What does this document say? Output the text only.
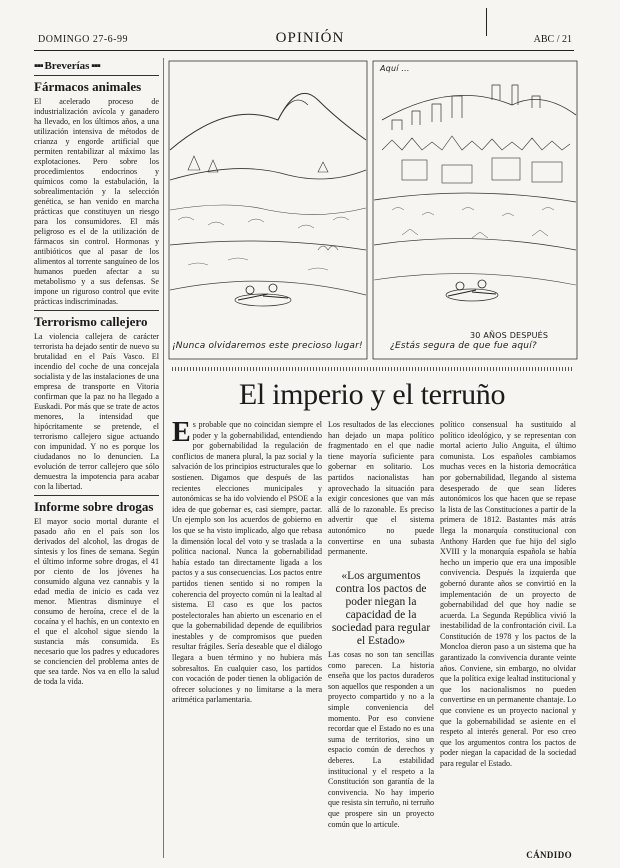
DOMINGO 27-6-99	OPINIÓN	ABC / 21
▪▪▪ Breverías ▪▪▪
Fármacos animales

El acelerado proceso de industrialización avícola y ganadero ha llevado, en los últimos años, a una utilización intensiva de métodos de crianza y engorde artificial que permiten rentabilizar al máximo las explotaciones. Pero sobre los procedimientos endocrinos y químicos como la estabulación, la sobrealimentación y la selección genética, se han venido en marcha prácticas que constituyen un riesgo para los consumidores. El más peligroso es el de la utilización de fármacos sin control. Hormonas y antibióticos que al pasar de los alimentos al torrente sanguíneo de los humanos pueden afectar a su metabolismo y a sus defensas. Se impone un riguroso control que evite prácticas indiscriminadas.

Terrorismo callejero

La violencia callejera de carácter terrorista ha dejado sentir de nuevo su brutalidad en el País Vasco. El incendio del coche de una concejala socialista y de las instalaciones de una empresa de transporte en Vitoria confirman que la paz no ha llegado a Euskadi. Por más que se trate de actos menores, la intensidad que hipócritamente se pretende, el terrorismo callejero sigue actuando con impunidad. Y no es porque los ciudadanos no lo denuncien. La evolución de terror callejero que sólo demuestra la impotencia para acabar con la libertad.

Informe sobre drogas

El mayor socio mortal durante el pasado año en el país son los derivados del alcohol, las drogas de síntesis y los fines de semana. Según el último informe sobre drogas, el 41 por ciento de los jóvenes ha consumido alguna vez cannabis y la edad media de inicio es cada vez menor. Mientras disminuye el consumo de heroína, crece el de la cocaína y el hachís, en un contexto en el que el alcohol sigue siendo la sustancia más consumida. Es necesario que los padres y educadores se conciencien del problema antes de que sea tarde. Nos va en ello la salud de toda la vida.

¡Nunca olvidaremos este precioso lugar!
Aquí ...
30 AÑOS DESPUÉS
¿Estás segura de que fue aquí?
El imperio y el terruño

Es probable que no coincidan siempre el poder y la gobernabilidad, entendiendo por gobernabilidad la regulación de conflictos de manera plural, la paz social y la salvación de los principios estructurales que lo sostienen. Digamos que después de las recientes elecciones municipales y autonómicas se ha ido volviendo el PSOE a la idea de que gobernar es, casi siempre, pactar. Un ejemplo son los acuerdos de gobierno en los que se ha visto implicado, algo que rebasa la dimensión local del voto y se traslada a la política nacional. Nunca la gobernabilidad había estado tan directamente ligada a los pactos y a sus consecuencias. Los pactos entre partidos tienen sentido si no rompen la coherencia del proyecto común ni la lealtad al sistema. El caso es que los pactos postelectorales han abierto un escenario en el que la gobernabilidad depende de equilibrios inestables y de compromisos que pueden resultar frágiles. Sería deseable que el diálogo llegara a buen término y no hubiera más sobresaltos. En cualquier caso, los partidos con vocación de poder tienen la obligación de ofrecer soluciones y no limitarse a la mera aritmética parlamentaria.

Los resultados de las elecciones han dejado un mapa político fragmentado en el que nadie tiene mayoría suficiente para gobernar en solitario. Los partidos nacionalistas han aprovechado la situación para exigir concesiones que van más allá de lo razonable. Es preciso advertir que el sistema autonómico no puede convertirse en una subasta permanente.

«Los argumentos contra los pactos de poder niegan la capacidad de la sociedad para regular el Estado»

Las cosas no son tan sencillas como parecen. La historia enseña que los pactos duraderos son aquellos que responden a un proyecto compartido y no a la simple conveniencia del momento. Por eso conviene recordar que el Estado no es una suma de territorios, sino un espacio común de derechos y deberes. La estabilidad institucional y el respeto a la Constitución son garantía de la convivencia. No hay imperio que resista sin terruño, ni terruño que prospere sin un proyecto común que lo articule.

político consensual ha sustituido al político ideológico, y se representan con mortal acierto Julio Anguita, el último comunista. Los españoles cambiamos muchas veces en la historia democrática por gobernabilidad, llegando al sistema desesperado de que sean líderes autonómicos los que hacen que se repase la lista de las Constituciones a partir de la primera de 1812. Bastantes más atrás llega la monarquía constitucional con Anthony Harden que fue hijo del siglo XVIII y la monarquía española se había hecho un imperio que era una imposible convivencia. Después la izquierda que gobernó durante años se convirtió en la implementación de un proyecto de gobernabilidad del que hoy nadie se acuerda. La Segunda República vivió la inestabilidad de la confrontación civil. La Constitución de 1978 y los pactos de la Moncloa dieron paso a un sistema que ha garantizado la convivencia durante veinte años. Conviene, sin embargo, no olvidar que la política exige lealtad institucional y que los nacionalismos no pueden convertirse en un permanente chantaje. Lo que conviene es un proyecto nacional y que la gobernabilidad se asiente en el respeto al interés general. Por eso creo que los argumentos contra los pactos de poder niegan la capacidad de la sociedad para regular el Estado.

CÁNDIDO
